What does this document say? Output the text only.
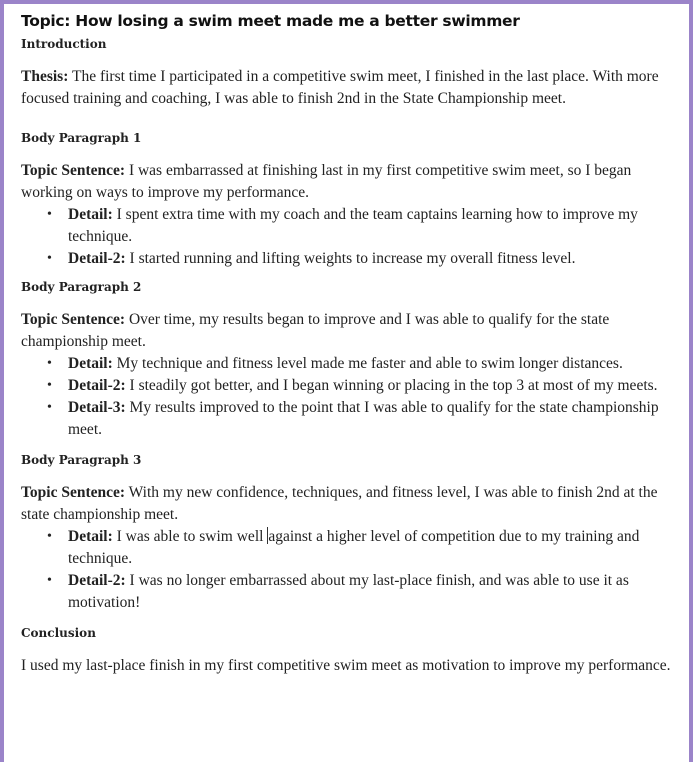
Topic: How losing a swim meet made me a better swimmer
Introduction
Thesis: The first time I participated in a competitive swim meet, I finished in the last place. With more focused training and coaching, I was able to finish 2nd in the State Championship meet.
Body Paragraph 1
Topic Sentence: I was embarrassed at finishing last in my first competitive swim meet, so I began working on ways to improve my performance.
• Detail: I spent extra time with my coach and the team captains learning how to improve my technique.
• Detail-2: I started running and lifting weights to increase my overall fitness level.
Body Paragraph 2
Topic Sentence: Over time, my results began to improve and I was able to qualify for the state championship meet.
• Detail: My technique and fitness level made me faster and able to swim longer distances.
• Detail-2: I steadily got better, and I began winning or placing in the top 3 at most of my meets.
• Detail-3: My results improved to the point that I was able to qualify for the state championship meet.
Body Paragraph 3
Topic Sentence: With my new confidence, techniques, and fitness level, I was able to finish 2nd at the state championship meet.
• Detail: I was able to swim well against a higher level of competition due to my training and technique.
• Detail-2: I was no longer embarrassed about my last-place finish, and was able to use it as motivation!
Conclusion
I used my last-place finish in my first competitive swim meet as motivation to improve my performance.
